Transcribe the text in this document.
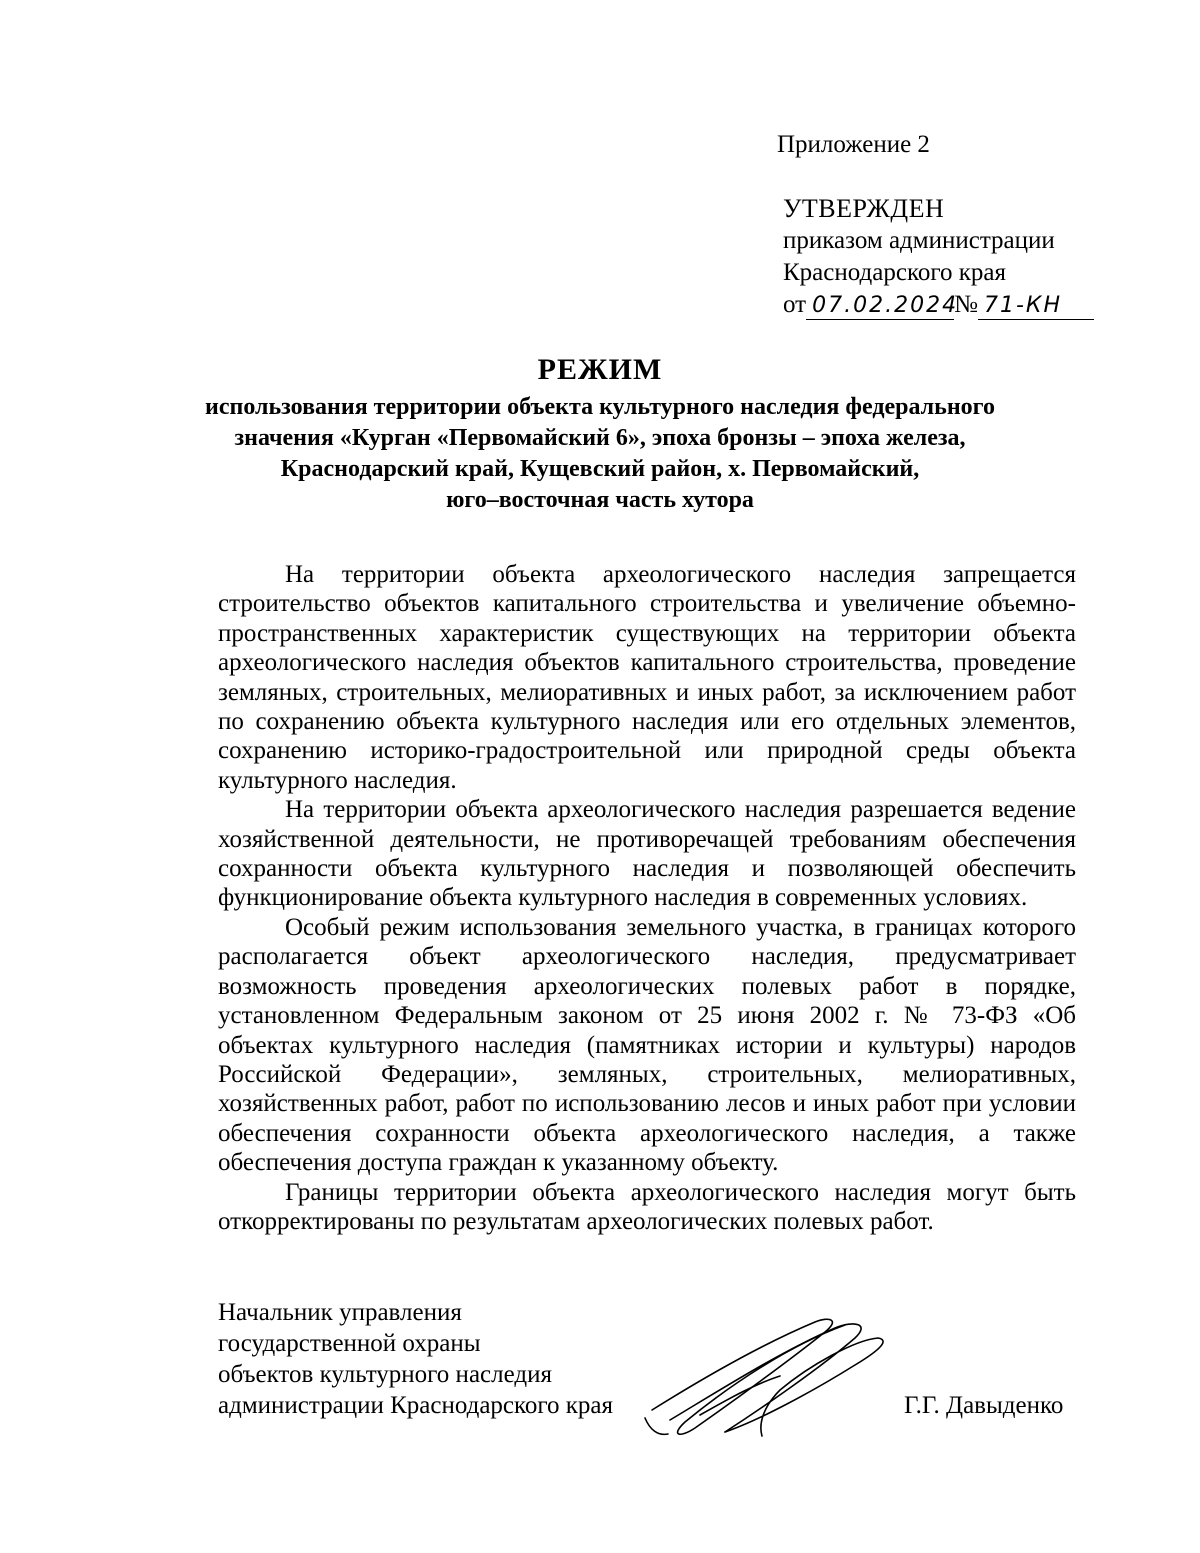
Приложение 2
УТВЕРЖДЕН
приказом администрации
Краснодарского края
от 07.02.2024
№ 71-КН
РЕЖИМ
использования территории объекта культурного наследия федерального
значения «Курган «Первомайский 6», эпоха бронзы – эпоха железа,
Краснодарский край, Кущевский район, х. Первомайский,
юго–восточная часть хутора

На территории объекта археологического наследия запрещается строительство объектов капитального строительства и увеличение объемно-пространственных характеристик существующих на территории объекта археологического наследия объектов капитального строительства, проведение земляных, строительных, мелиоративных и иных работ, за исключением работ по сохранению объекта культурного наследия или его отдельных элементов, сохранению историко-градостроительной или природной среды объекта культурного наследия.

На территории объекта археологического наследия разрешается ведение хозяйственной деятельности, не противоречащей требованиям обеспечения сохранности объекта культурного наследия и позволяющей обеспечить функционирование объекта культурного наследия в современных условиях.

Особый режим использования земельного участка, в границах которого располагается объект археологического наследия, предусматривает возможность проведения археологических полевых работ в порядке, установленном Федеральным законом от 25 июня 2002 г. № 73-ФЗ «Об объектах культурного наследия (памятниках истории и культуры) народов Российской Федерации», земляных, строительных, мелиоративных, хозяйственных работ, работ по использованию лесов и иных работ при условии обеспечения сохранности объекта археологического наследия, а также обеспечения доступа граждан к указанному объекту.

Границы территории объекта археологического наследия могут быть откорректированы по результатам археологических полевых работ.

Начальник управления
государственной охраны
объектов культурного наследия
администрации Краснодарского края	Г.Г. Давыденко
